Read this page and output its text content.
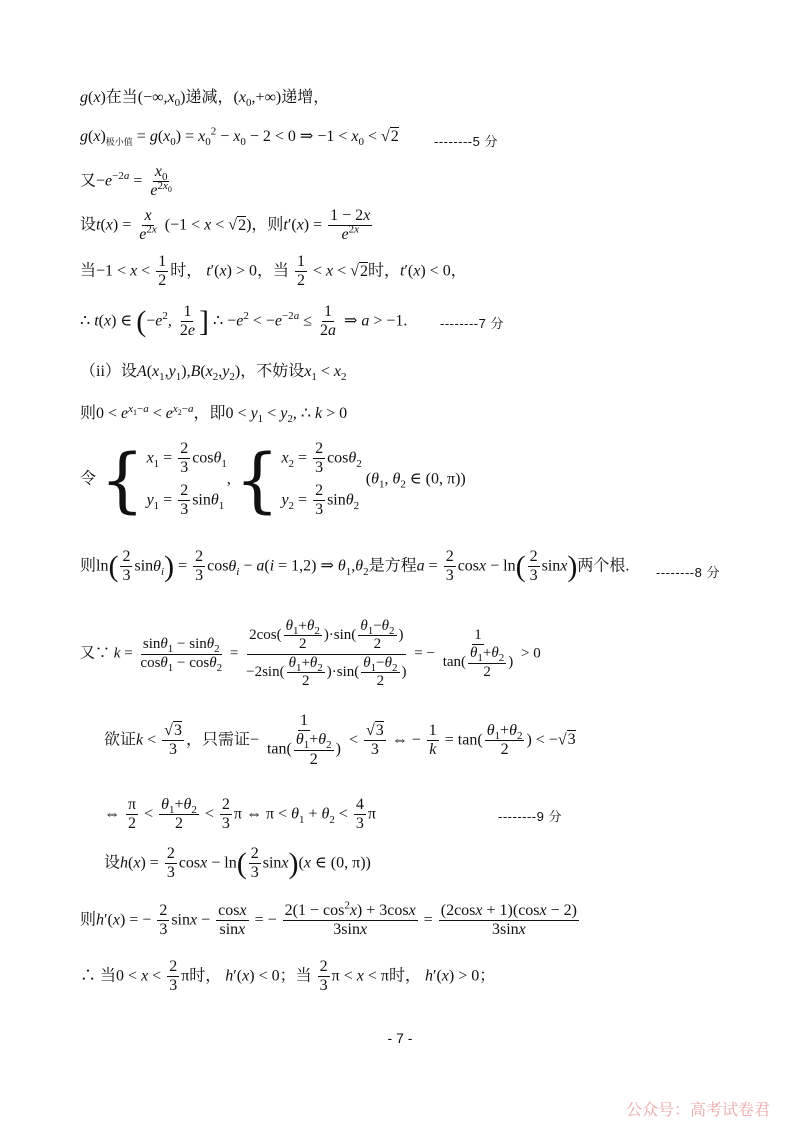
g(x)在当$(-\infty,x_0)$递减，$(x_0,+\infty)$递增，
$g(x)_{极小值} = g(x_0) = x_0^2 - x_0 - 2 < 0$ ⇒ $-1 < x_0 < √2$	--------5 分
又$-e^{-2a} = \frac{x_0}{e^{2x_0}}$
设$t(x) = \frac{x}{e^{2x}} (-1 < x < √2)$，则$t'(x) = \frac{1 - 2x}{e^{2x}}$
当$-1 < x < \frac{1}{2}$ 时， t′(x) > 0，当 $\frac{1}{2} < x < √2$时，t′(x) < 0，
∴ t(x) ∈ ($-e^2$, $\frac{1}{2e}$ ] ∴ $-e^2 < -e^{-2a} \le \frac{1}{2a}$ ⇒ a > −1.	--------7 分
（ii）设$A(x_1,y_1),B(x_2,y_2)$，不妨设$x_1 < x_2$
则$0 < e^{x_1-a} < e^{x_2-a}$，即$0 < y_1 < y_2$, ∴ k > 0
令 { $x_1 = \frac{2}{3} \cos\theta_1$
$y_1 = \frac{2}{3} \sin\theta_1$
, { $x_2 = \frac{2}{3} \cos\theta_2$
$y_2 = \frac{2}{3} \sin\theta_2$
($\theta_1$, $\theta_2$ ∈ (0, π))
则$\ln( \frac{2}{3} \sin\theta_i) = \frac{2}{3} \cos\theta_i - a(i = 1,2)$ ⇒ $\theta_1,\theta_2$是方程$a = \frac{2}{3}$ $\cos x - \ln( \frac{2}{3} \sin x)$两个根.	--------8 分
又∵ $k = \frac{\sin\theta_1 - \sin\theta_2}{\cos\theta_1 - \cos\theta_2} = \frac{2\cos( \frac{\theta_1+\theta_2}{2} )\cdot\sin( \frac{\theta_1-\theta_2}{2} )}{-2\sin( \frac{\theta_1+\theta_2}{2} )\cdot\sin( \frac{\theta_1-\theta_2}{2} )}$ = − $\frac{1}{\tan( \frac{\theta_1+\theta_2}{2} )} > 0$
欲证$k < \frac{√3}{3}$ ，只需证− $\frac{1}{\tan( \frac{\theta_1+\theta_2}{2} )} < \frac{√3}{3}$ ⇔ − $\frac{1}{k} = \tan( \frac{\theta_1+\theta_2}{2}$ ) < −√3
⇔ $\frac{\pi}{2} < \frac{\theta_1+\theta_2}{2} < \frac{2}{3}$ π ⇔ $\pi < \theta_1 + \theta_2 < \frac{4}{3}$ π	--------9 分
设$h(x) = \frac{2}{3}$ $\cos x - \ln( \frac{2}{3} \sin x)(x$ ∈ (0, π))
则h′(x) = − $\frac{2}{3}$ $\sin x - \frac{\cos x}{\sin x}$ = − $\frac{2(1 - \cos^2x) + 3\cos x}{3\sin x} = \frac{(2\cos x + 1)(\cos x - 2)}{3\sin x}$
∴ 当$0 < x < \frac{2}{3}$ π时， h′(x) < 0；当 $\frac{2}{3}$ π < x < π时， h′(x) > 0；
- 7 -
公众号：高考试卷君
